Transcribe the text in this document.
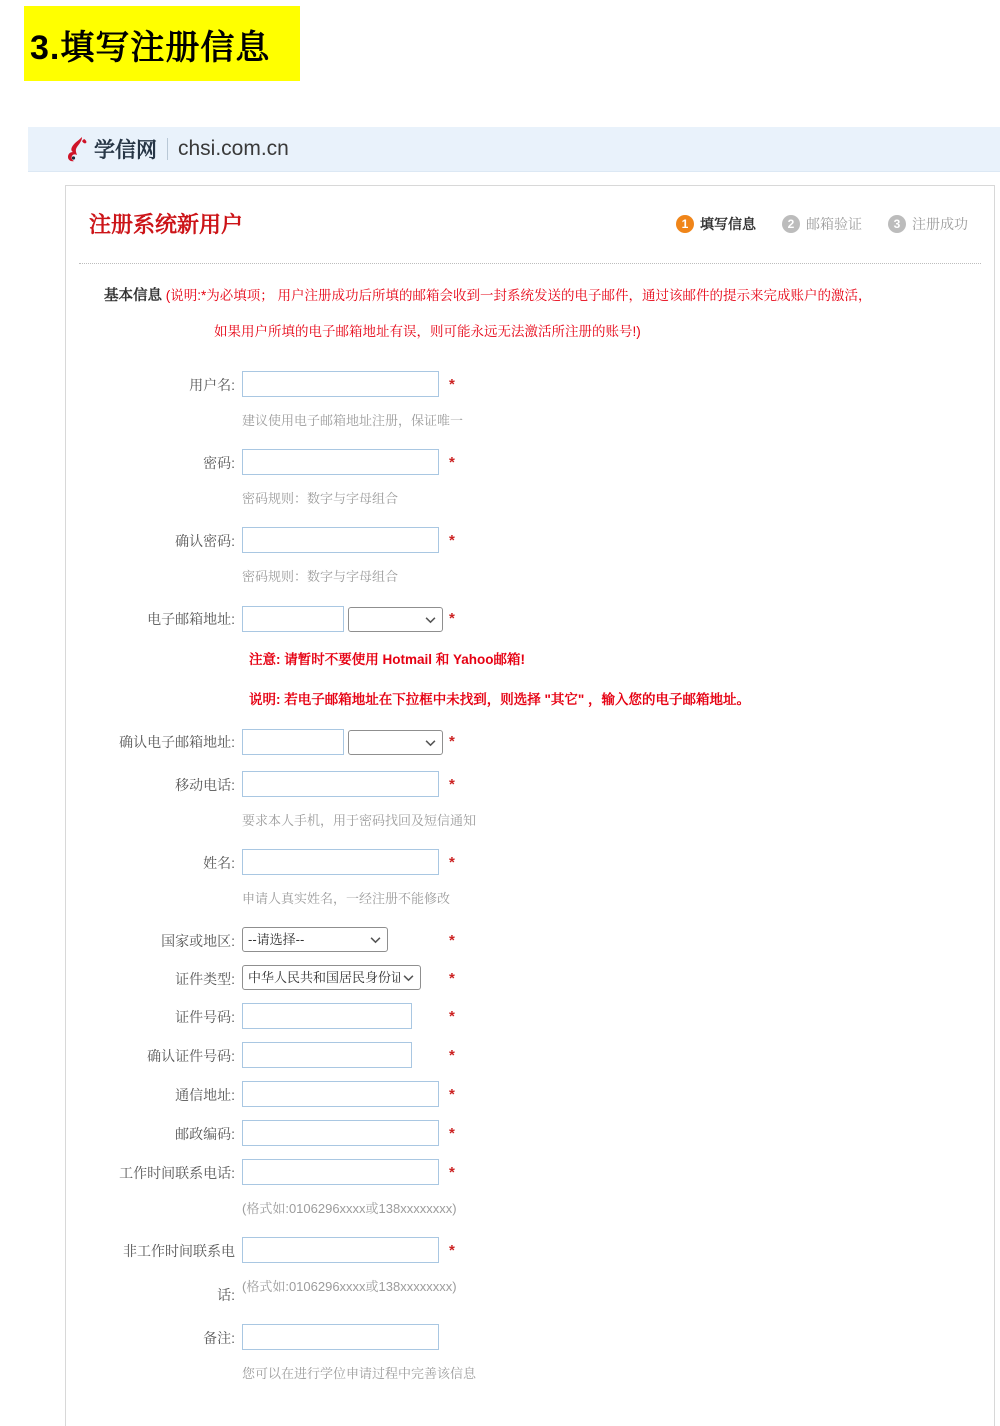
3.填写注册信息
学信网 chsi.com.cn
注册系统新用户	1 填写信息	2 邮箱验证	3 注册成功
基本信息 (说明:*为必填项； 用户注册成功后所填的邮箱会收到一封系统发送的电子邮件，通过该邮件的提示来完成账户的激活，
如果用户所填的电子邮箱地址有误，则可能永远无法激活所注册的账号!)
用户名:	*
建议使用电子邮箱地址注册，保证唯一
密码:	*
密码规则：数字与字母组合
确认密码:	*
密码规则：数字与字母组合
电子邮箱地址:
	*
注意: 请暂时不要使用 Hotmail 和 Yahoo邮箱!
说明: 若电子邮箱地址在下拉框中未找到，则选择 "其它" ，输入您的电子邮箱地址。
确认电子邮箱地址:
	*
移动电话:	*
要求本人手机，用于密码找回及短信通知
姓名:	*
申请人真实姓名，一经注册不能修改
国家或地区:
--请选择--	*
证件类型:
中华人民共和国居民身份证	*
证件号码:	*
确认证件号码:	*
通信地址:	*
邮政编码:	*
工作时间联系电话:	*
(格式如:0106296xxxx或138xxxxxxxx)
非工作时间联系电
话:
*
(格式如:0106296xxxx或138xxxxxxxx)
备注:
您可以在进行学位申请过程中完善该信息
